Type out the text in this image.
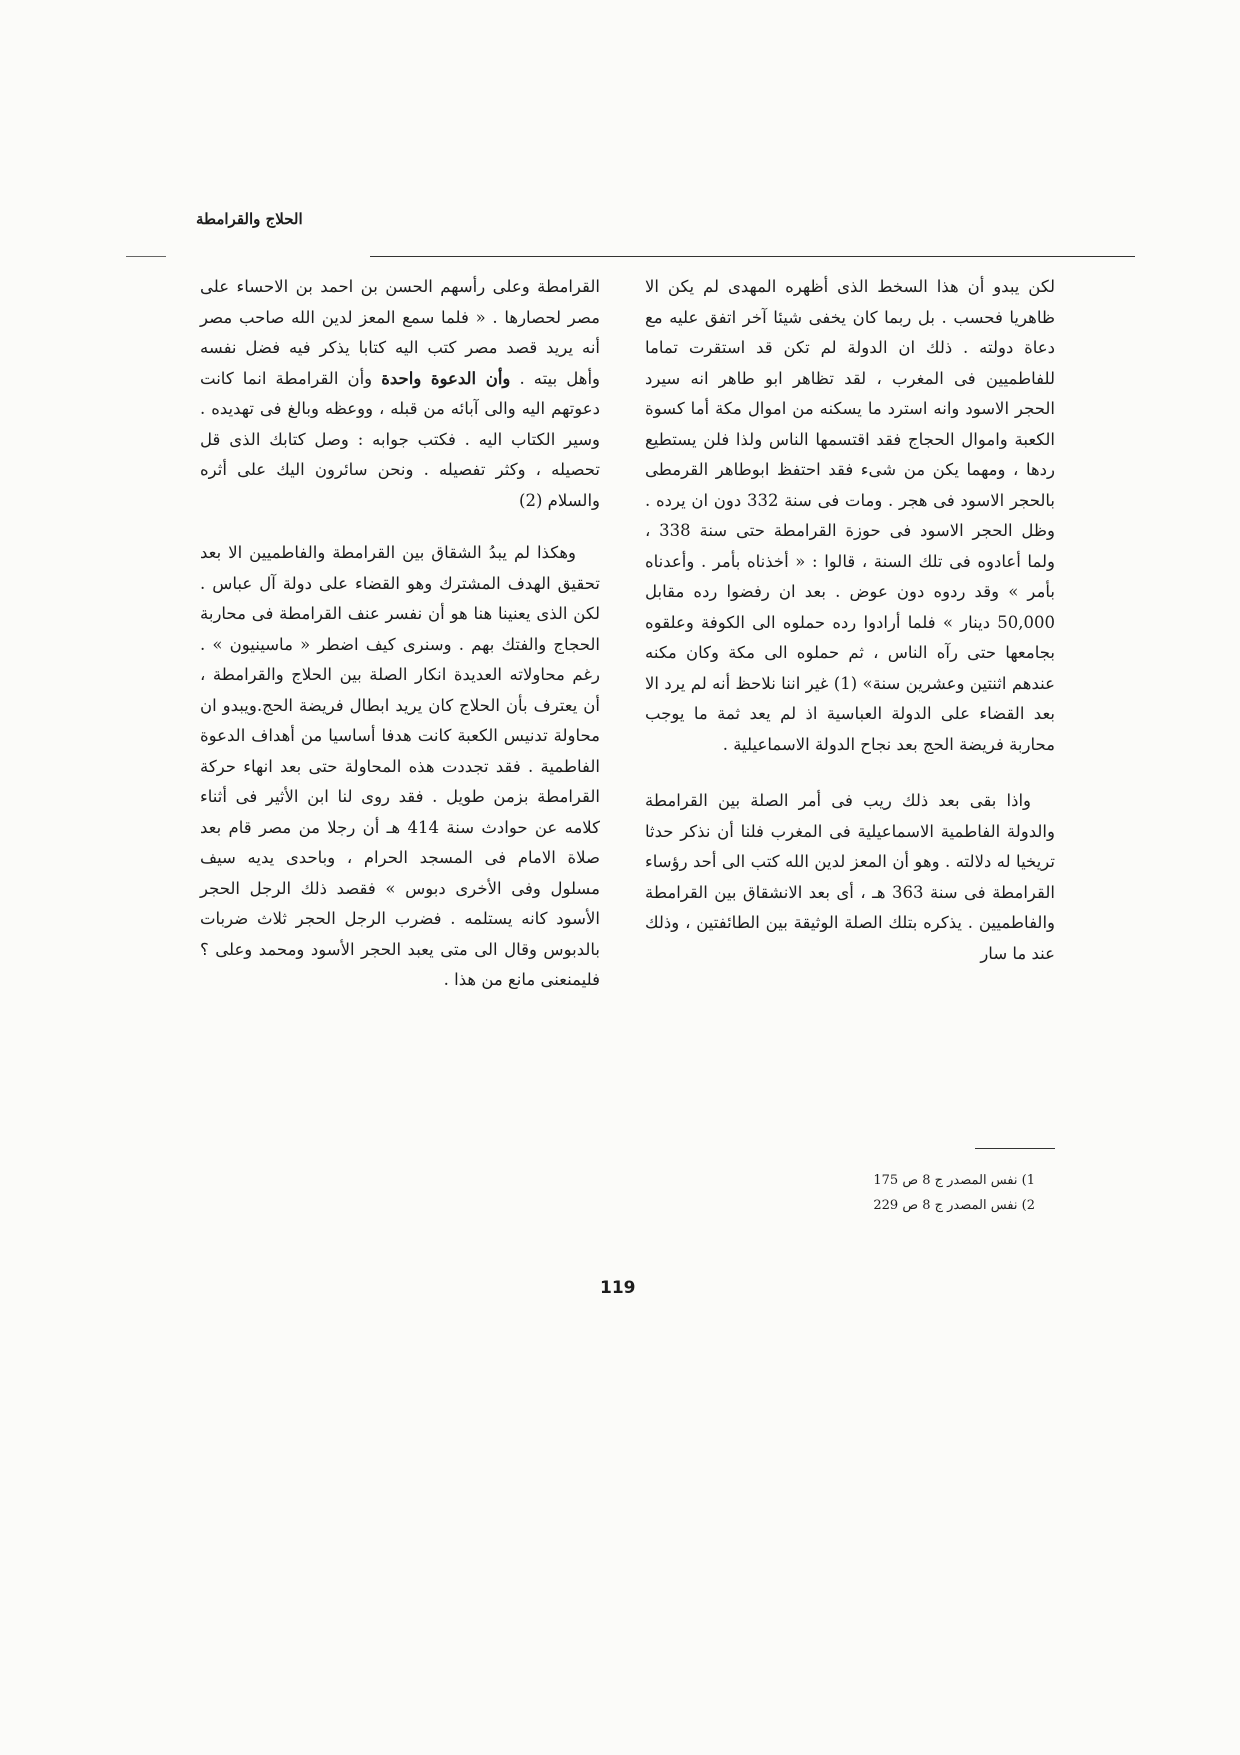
الحلاج والقرامطة

لكن يبدو أن هذا السخط الذى أظهره المهدى لم يكن الا ظاهريا فحسب . بل ربما كان يخفى شيئا آخر اتفق عليه مع دعاة دولته . ذلك ان الدولة لم تكن قد استقرت تماما للفاطميين فى المغرب ، لقد تظاهر ابو طاهر انه سيرد الحجر الاسود وانه استرد ما يسكنه من اموال مكة أما كسوة الكعبة واموال الحجاج فقد اقتسمها الناس ولذا فلن يستطيع ردها ، ومهما يكن من شىء فقد احتفظ ابوطاهر القرمطى بالحجر الاسود فى هجر . ومات فى سنة 332 دون ان يرده . وظل الحجر الاسود فى حوزة القرامطة حتى سنة 338 ، ولما أعادوه فى تلك السنة ، قالوا : « أخذناه بأمر . وأعدناه بأمر » وقد ردوه دون عوض . بعد ان رفضوا رده مقابل 50,000 دينار » فلما أرادوا رده حملوه الى الكوفة وعلقوه بجامعها حتى رآه الناس ، ثم حملوه الى مكة وكان مكنه عندهم اثنتين وعشرين سنة» (1) غير اننا نلاحظ أنه لم يرد الا بعد القضاء على الدولة العباسية اذ لم يعد ثمة ما يوجب محاربة فريضة الحج بعد نجاح الدولة الاسماعيلية .

واذا بقى بعد ذلك ريب فى أمر الصلة بين القرامطة والدولة الفاطمية الاسماعيلية فى المغرب فلنا أن نذكر حدثا تريخيا له دلالته . وهو أن المعز لدين الله كتب الى أحد رؤساء القرامطة فى سنة 363 هـ ، أى بعد الانشقاق بين القرامطة والفاطميين . يذكره بتلك الصلة الوثيقة بين الطائفتين ، وذلك عند ما سار

القرامطة وعلى رأسهم الحسن بن احمد بن الاحساء على مصر لحصارها . « فلما سمع المعز لدين الله صاحب مصر أنه يريد قصد مصر كتب اليه كتابا يذكر فيه فضل نفسه وأهل بيته . وأن الدعوة واحدة وأن القرامطة انما كانت دعوتهم اليه والى آبائه من قبله ، ووعظه وبالغ فى تهديده . وسير الكتاب اليه . فكتب جوابه : وصل كتابك الذى قل تحصيله ، وكثر تفصيله . ونحن سائرون اليك على أثره والسلام (2)

وهكذا لم يبدُ الشقاق بين القرامطة والفاطميين الا بعد تحقيق الهدف المشترك وهو القضاء على دولة آل عباس . لكن الذى يعنينا هنا هو أن نفسر عنف القرامطة فى محاربة الحجاج والفتك بهم . وسنرى كيف اضطر « ماسينيون » . رغم محاولاته العديدة انكار الصلة بين الحلاج والقرامطة ، أن يعترف بأن الحلاج كان يريد ابطال فريضة الحج.ويبدو ان محاولة تدنيس الكعبة كانت هدفا أساسيا من أهداف الدعوة الفاطمية . فقد تجددت هذه المحاولة حتى بعد انهاء حركة القرامطة بزمن طويل . فقد روى لنا ابن الأثير فى أثناء كلامه عن حوادث سنة 414 هـ أن رجلا من مصر قام بعد صلاة الامام فى المسجد الحرام ، وباحدى يديه سيف مسلول وفى الأخرى دبوس » فقصد ذلك الرجل الحجر الأسود كانه يستلمه . فضرب الرجل الحجر ثلاث ضربات بالدبوس وقال الى متى يعبد الحجر الأسود ومحمد وعلى ؟ فليمنعنى مانع من هذا .

1) نفس المصدر ج 8 ص 175
2) نفس المصدر ج 8 ص 229
119
